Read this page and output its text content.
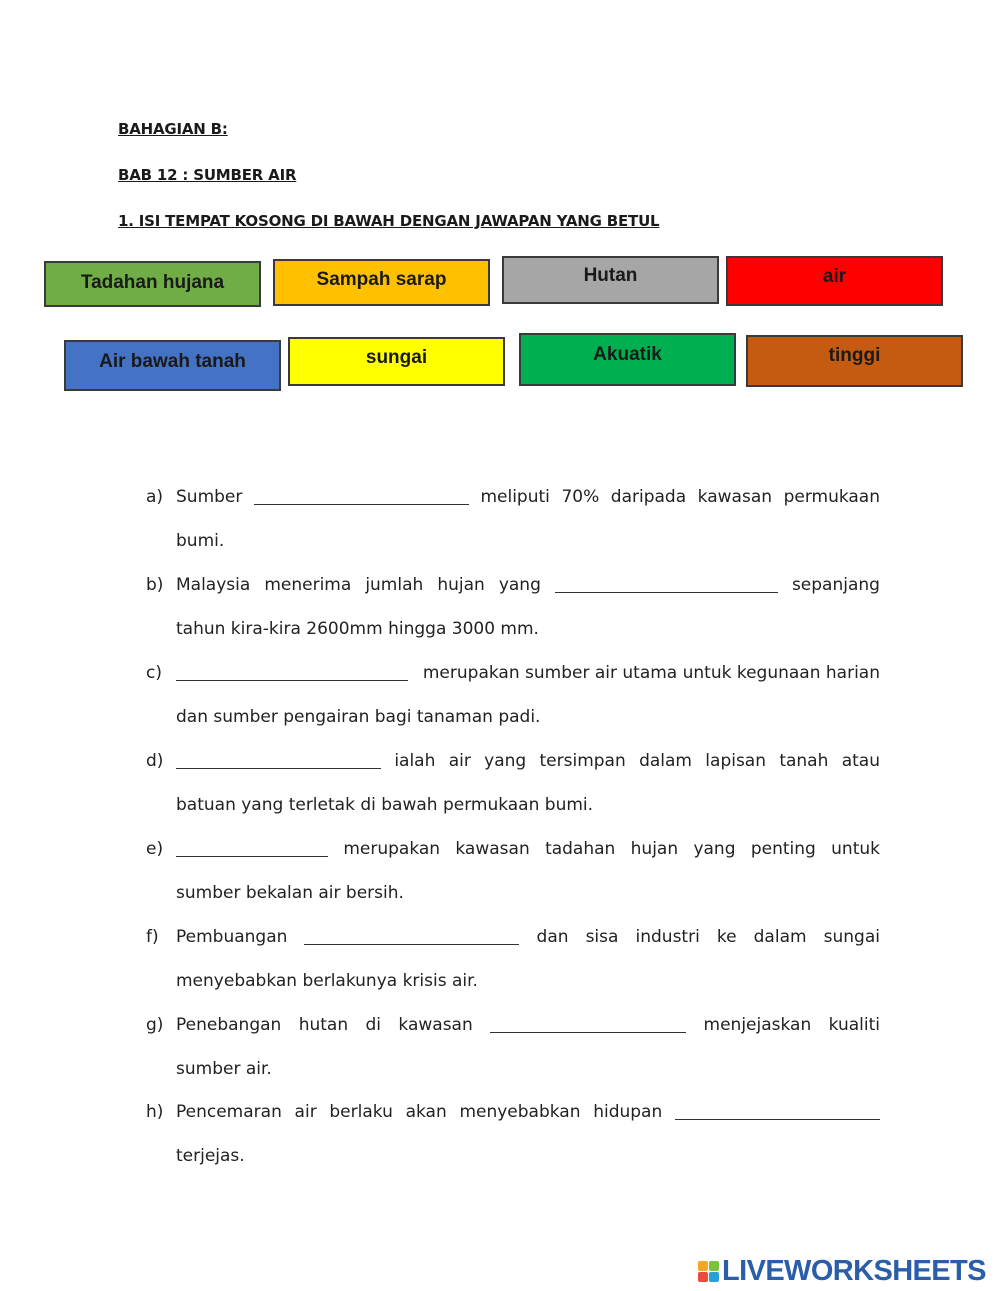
BAHAGIAN B:

BAB 12 : SUMBER AIR

1. ISI TEMPAT KOSONG DI BAWAH DENGAN JAWAPAN YANG BETUL

Tadahan hujana	Sampah sarap	Hutan	air
Air bawah tanah	sungai	Akuatik	tinggi
a) Sumber	meliputi 70% daripada kawasan permukaan
bumi.
b) Malaysia menerima jumlah hujan yang	sepanjang
tahun kira-kira 2600mm hingga 3000 mm.
c)	merupakan sumber air utama untuk kegunaan harian
dan sumber pengairan bagi tanaman padi.
d)	ialah air yang tersimpan dalam lapisan tanah atau
batuan yang terletak di bawah permukaan bumi.
e)	merupakan kawasan tadahan hujan yang penting untuk
sumber bekalan air bersih.
f) Pembuangan	dan sisa industri ke dalam sungai
menyebabkan berlakunya krisis air.
g) Penebangan hutan di kawasan	menjejaskan kualiti
sumber air.
h) Pencemaran air berlaku akan menyebabkan hidupan
terjejas.
LIVEWORKSHEETS
